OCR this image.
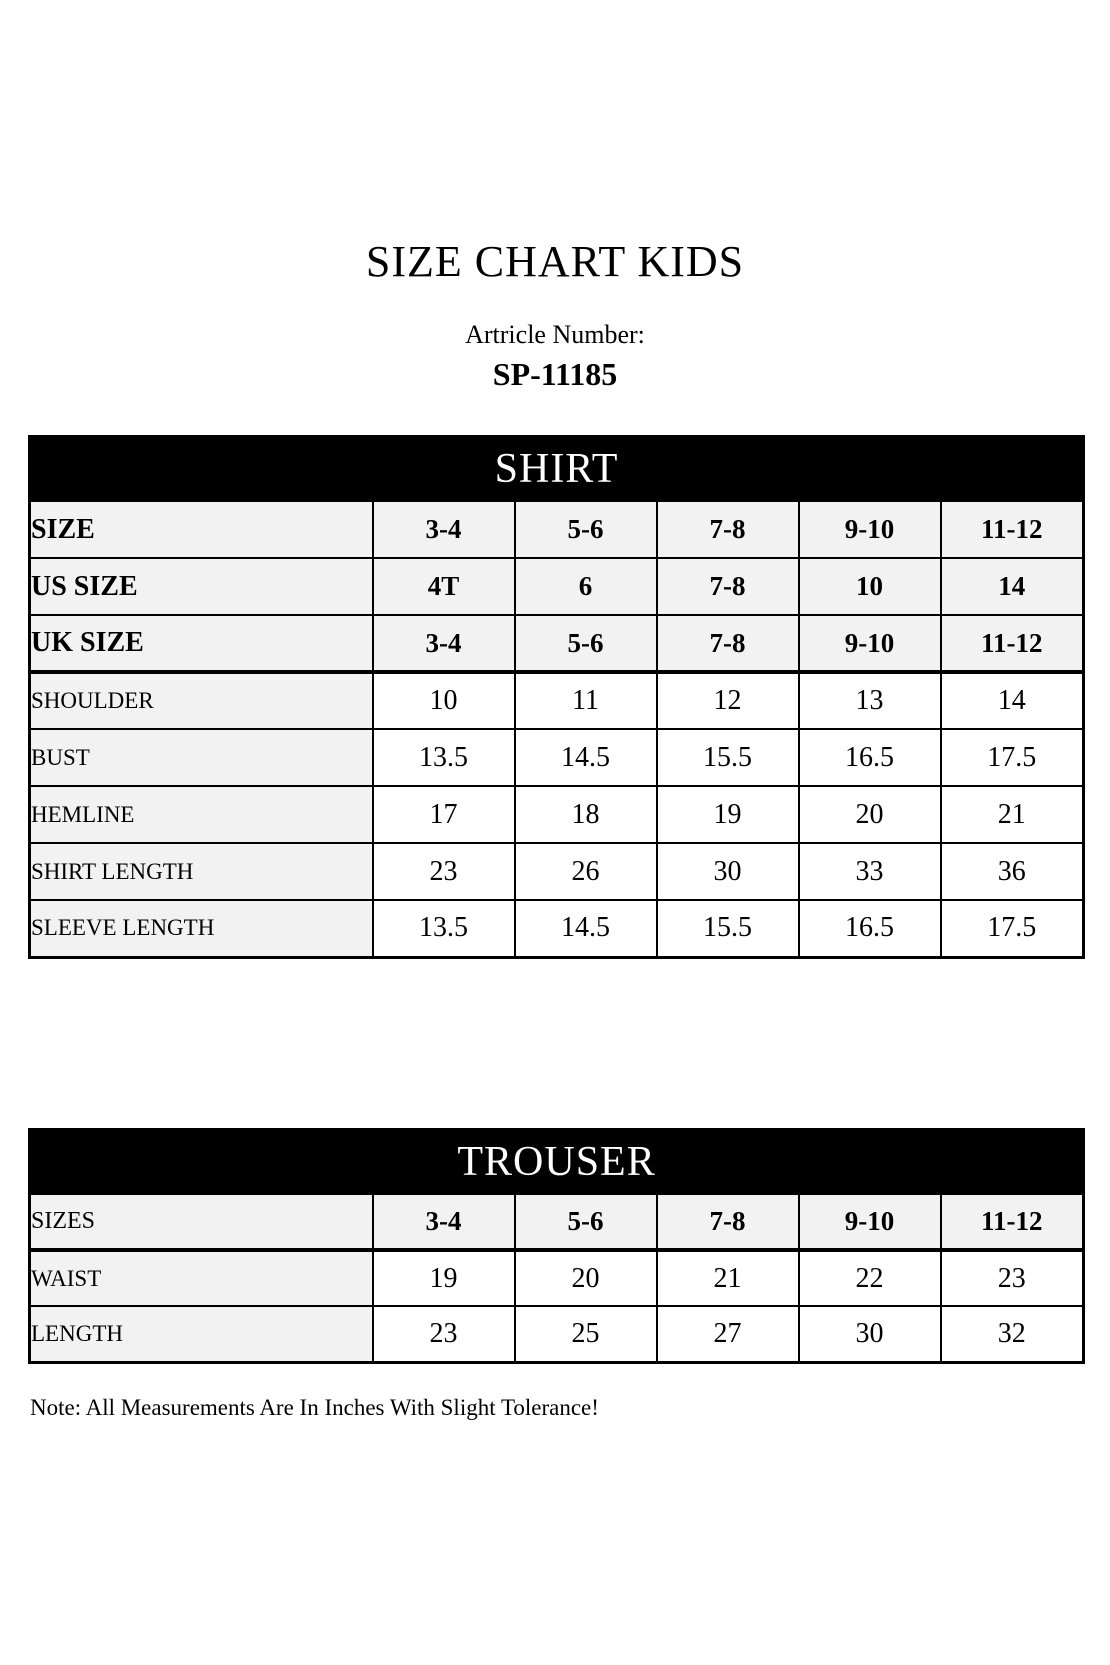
SIZE CHART KIDS
Artricle Number:
SP-11185
SHIRT					
SIZE	3-4	5-6	7-8	9-10	11-12
US SIZE	4T	6	7-8	10	14
UK SIZE	3-4	5-6	7-8	9-10	11-12
SHOULDER	10	11	12	13	14
BUST	13.5	14.5	15.5	16.5	17.5
HEMLINE	17	18	19	20	21
SHIRT LENGTH	23	26	30	33	36
SLEEVE LENGTH	13.5	14.5	15.5	16.5	17.5
TROUSER					
SIZES	3-4	5-6	7-8	9-10	11-12
WAIST	19	20	21	22	23
LENGTH	23	25	27	30	32
Note: All Measurements Are In Inches With Slight Tolerance!
